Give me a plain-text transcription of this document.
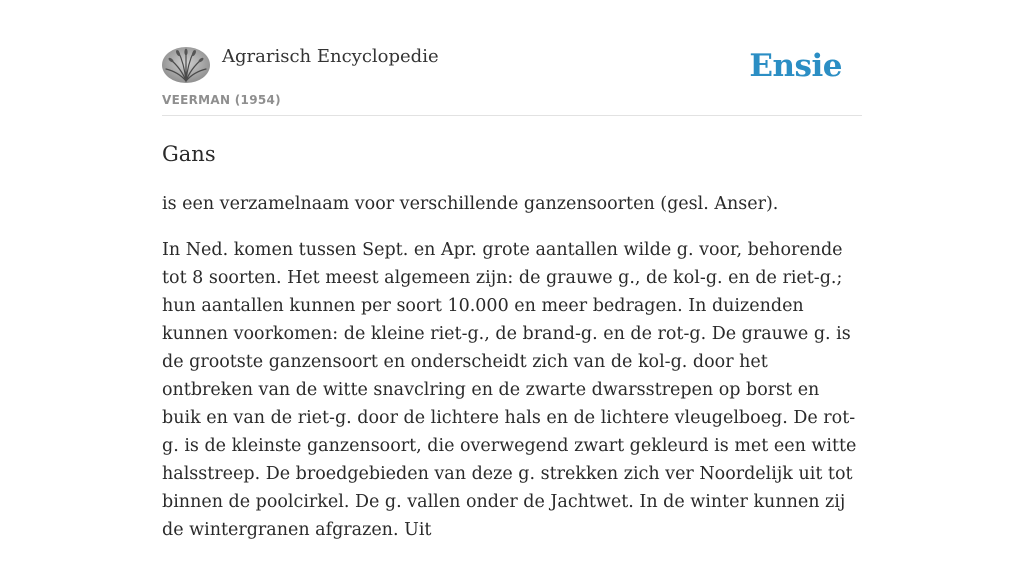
Agrarisch Encyclopedie
VEERMAN (1954)
Ensie
Gans

is een verzamelnaam voor verschillende ganzensoorten (gesl. Anser).

In Ned. komen tussen Sept. en Apr. grote aantallen wilde g. voor, behorende tot 8 soorten. Het meest algemeen zijn: de grauwe g., de kol-g. en de riet-g.; hun aantallen kunnen per soort 10.000 en meer bedragen. In duizenden kunnen voorkomen: de kleine riet-g., de brand-g. en de rot-g. De grauwe g. is de grootste ganzensoort en onderscheidt zich van de kol-g. door het ontbreken van de witte snavclring en de zwarte dwarsstrepen op borst en buik en van de riet-g. door de lichtere hals en de lichtere vleugelboeg. De rot-g. is de kleinste ganzensoort, die overwegend zwart gekleurd is met een witte halsstreep. De broedgebieden van deze g. strekken zich ver Noordelijk uit tot binnen de poolcirkel. De g. vallen onder de Jachtwet. In de winter kunnen zij de wintergranen afgrazen. Uit
